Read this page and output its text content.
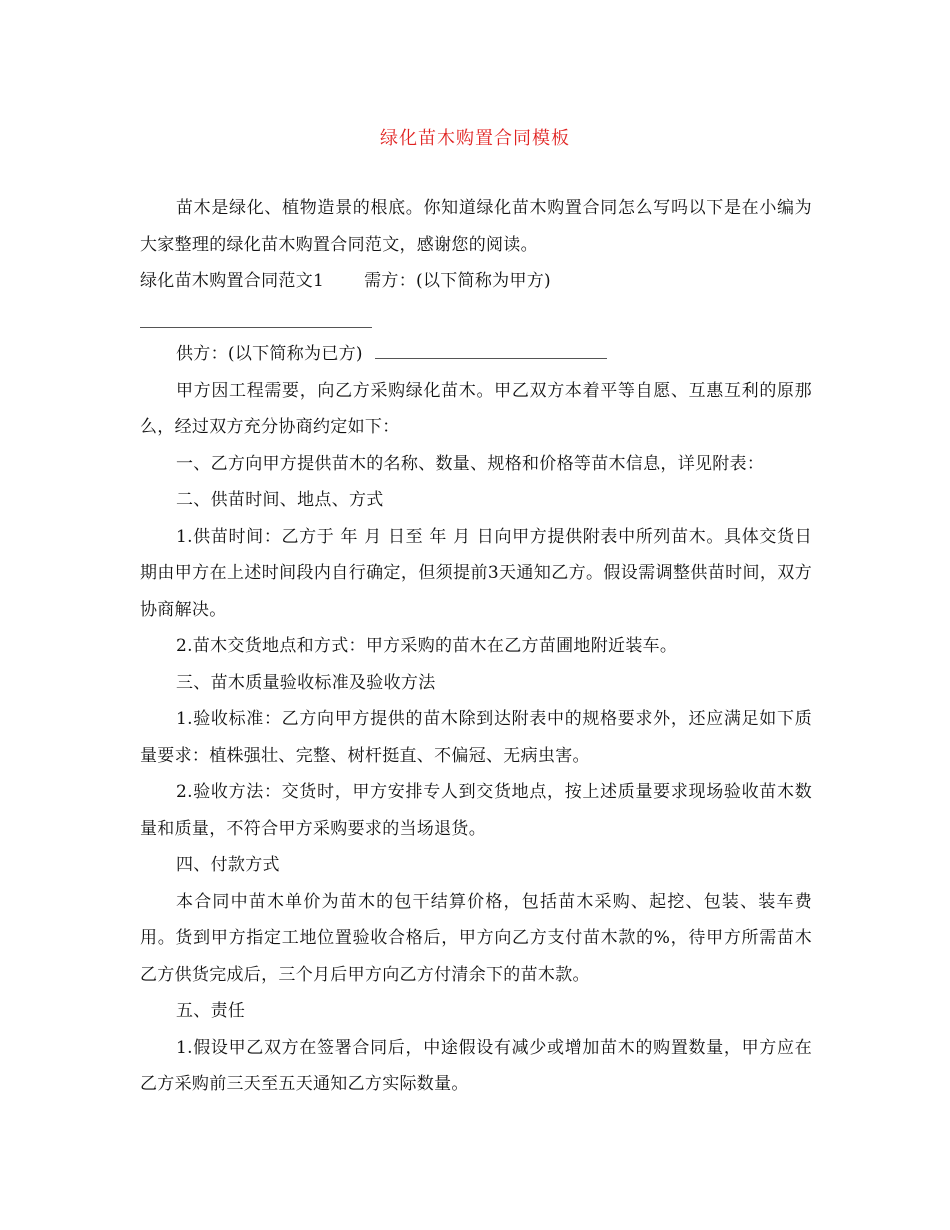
绿化苗木购置合同模板

苗木是绿化、植物造景的根底。你知道绿化苗木购置合同怎么写吗以下是在小编为大家整理的绿化苗木购置合同范文，感谢您的阅读。

绿化苗木购置合同范文1 需方：(以下简称为甲方)

供方：(以下简称为已方)

甲方因工程需要，向乙方采购绿化苗木。甲乙双方本着平等自愿、互惠互利的原那么，经过双方充分协商约定如下：

一、乙方向甲方提供苗木的名称、数量、规格和价格等苗木信息，详见附表：

二、供苗时间、地点、方式

1.供苗时间：乙方于 年 月 日至 年 月 日向甲方提供附表中所列苗木。具体交货日期由甲方在上述时间段内自行确定，但须提前3天通知乙方。假设需调整供苗时间，双方协商解决。

2.苗木交货地点和方式：甲方采购的苗木在乙方苗圃地附近装车。

三、苗木质量验收标准及验收方法

1.验收标准：乙方向甲方提供的苗木除到达附表中的规格要求外，还应满足如下质量要求：植株强壮、完整、树杆挺直、不偏冠、无病虫害。

2.验收方法：交货时，甲方安排专人到交货地点，按上述质量要求现场验收苗木数量和质量，不符合甲方采购要求的当场退货。

四、付款方式

本合同中苗木单价为苗木的包干结算价格，包括苗木采购、起挖、包装、装车费用。货到甲方指定工地位置验收合格后，甲方向乙方支付苗木款的%，待甲方所需苗木乙方供货完成后，三个月后甲方向乙方付清余下的苗木款。

五、责任

1.假设甲乙双方在签署合同后，中途假设有减少或增加苗木的购置数量，甲方应在乙方采购前三天至五天通知乙方实际数量。
